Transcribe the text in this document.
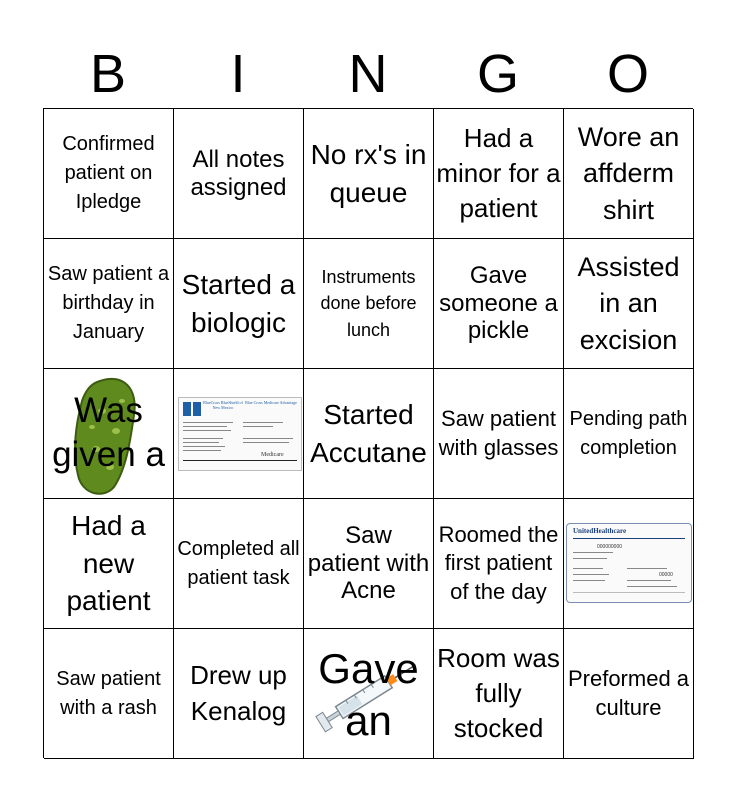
B	I	N	G	O
Confirmed patient on Ipledge
All notes assigned
No rx's in queue
Had a minor for a patient
Wore an affderm shirt
Saw patient a birthday in January
Started a biologic
Instruments done before lunch
Gave someone a pickle
Assisted in an excision
Was given a
BlueCross BlueShield of New Mexico
Blue Cross Medicare Advantage
Medicare
Started Accutane
Saw patient with glasses
Pending path completion
Had a new patient
Completed all patient task
Saw patient with Acne
Roomed the first patient of the day
UnitedHealthcare
000000000
00000
Saw patient with a rash
Drew up Kenalog
Gave an
Room was fully stocked
Preformed a culture
